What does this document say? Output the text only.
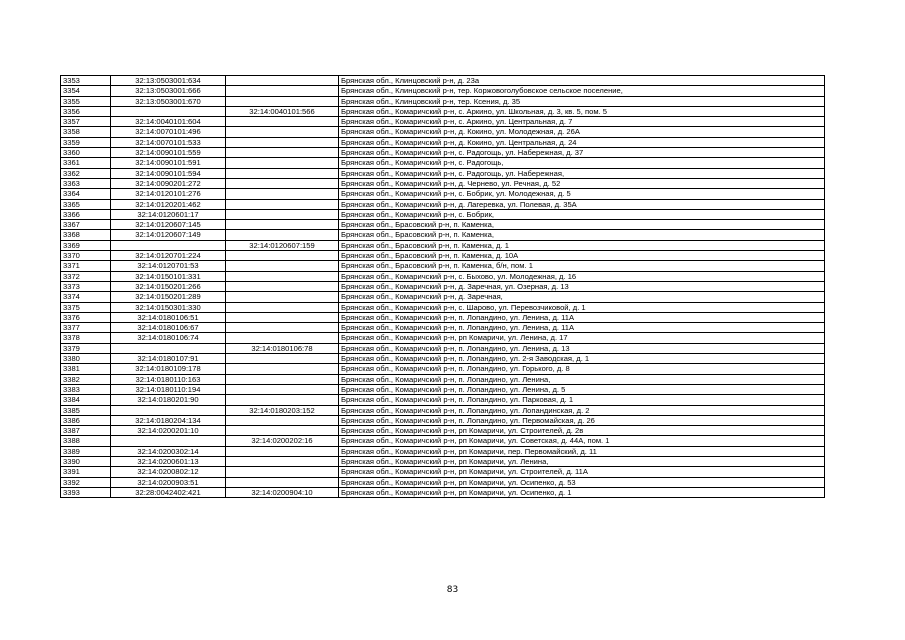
3353	32:13:0503001:634		Брянская обл., Клинцовский р-н, д. 23а
3354	32:13:0503001:666		Брянская обл., Клинцовский р-н, тер. Коржовоголубовское сельское поселение,
3355	32:13:0503001:670		Брянская обл., Клинцовский р-н, тер. Ксения, д. 35
3356		32:14:0040101:566	Брянская обл., Комаричский р-н, с. Аркино, ул. Школьная, д. 3, кв. 5, пом. 5
3357	32:14:0040101:604		Брянская обл., Комаричский р-н, с. Аркино, ул. Центральная, д. 7
3358	32:14:0070101:496		Брянская обл., Комаричский р-н, д. Кокино, ул. Молодежная, д. 26А
3359	32:14:0070101:533		Брянская обл., Комаричский р-н, д. Кокино, ул. Центральная, д. 24
3360	32:14:0090101:559		Брянская обл., Комаричский р-н, с. Радогощь, ул. Набережная, д. 37
3361	32:14:0090101:591		Брянская обл., Комаричский р-н, с. Радогощь,
3362	32:14:0090101:594		Брянская обл., Комаричский р-н, с. Радогощь, ул. Набережная,
3363	32:14:0090201:272		Брянская обл., Комаричский р-н, д. Чернево, ул. Речная, д. 52
3364	32:14:0120101:276		Брянская обл., Комаричский р-н, с. Бобрик, ул. Молодежная, д. 5
3365	32:14:0120201:462		Брянская обл., Комаричский р-н, д. Лагеревка, ул. Полевая, д. 35А
3366	32:14:0120601:17		Брянская обл., Комаричский р-н, с. Бобрик,
3367	32:14:0120607:145		Брянская обл., Брасовский р-н, п. Каменка,
3368	32:14:0120607:149		Брянская обл., Брасовский р-н, п. Каменка,
3369		32:14:0120607:159	Брянская обл., Брасовский р-н, п. Каменка, д. 1
3370	32:14:0120701:224		Брянская обл., Брасовский р-н, п. Каменка, д. 10А
3371	32:14:0120701:53		Брянская обл., Брасовский р-н, п. Каменка, б/н, пом. 1
3372	32:14:0150101:331		Брянская обл., Комаричский р-н, с. Быхово, ул. Молодежная, д. 16
3373	32:14:0150201:266		Брянская обл., Комаричский р-н, д. Заречная, ул. Озерная, д. 13
3374	32:14:0150201:289		Брянская обл., Комаричский р-н, д. Заречная,
3375	32:14:0150301:330		Брянская обл., Комаричский р-н, с. Шарово, ул. Перевозчиковой, д. 1
3376	32:14:0180106:51		Брянская обл., Комаричский р-н, п. Лопандино, ул. Ленина, д. 11А
3377	32:14:0180106:67		Брянская обл., Комаричский р-н, п. Лопандино, ул. Ленина, д. 11А
3378	32:14:0180106:74		Брянская обл., Комаричский р-н, рп Комаричи, ул. Ленина, д. 17
3379		32:14:0180106:78	Брянская обл., Комаричский р-н, п. Лопандино, ул. Ленина, д. 13
3380	32:14:0180107:91		Брянская обл., Комаричский р-н, п. Лопандино, ул. 2-я Заводская, д. 1
3381	32:14:0180109:178		Брянская обл., Комаричский р-н, п. Лопандино, ул. Горького, д. 8
3382	32:14:0180110:163		Брянская обл., Комаричский р-н, п. Лопандино, ул. Ленина,
3383	32:14:0180110:194		Брянская обл., Комаричский р-н, п. Лопандино, ул. Ленина, д. 5
3384	32:14:0180201:90		Брянская обл., Комаричский р-н, п. Лопандино, ул. Парковая, д. 1
3385		32:14:0180203:152	Брянская обл., Комаричский р-н, п. Лопандино, ул. Лопандинская, д. 2
3386	32:14:0180204:134		Брянская обл., Комаричский р-н, п. Лопандино, ул. Первомайская, д. 26
3387	32:14:0200201:10		Брянская обл., Комаричский р-н, рп Комаричи, ул. Строителей, д. 2в
3388		32:14:0200202:16	Брянская обл., Комаричский р-н, рп Комаричи, ул. Советская, д. 44А, пом. 1
3389	32:14:0200302:14		Брянская обл., Комаричский р-н, рп Комаричи, пер. Первомайский, д. 11
3390	32:14:0200601:13		Брянская обл., Комаричский р-н, рп Комаричи, ул. Ленина,
3391	32:14:0200802:12		Брянская обл., Комаричский р-н, рп Комаричи, ул. Строителей, д. 11А
3392	32:14:0200903:51		Брянская обл., Комаричский р-н, рп Комаричи, ул. Осипенко, д. 53
3393	32:28:0042402:421	32:14:0200904:10	Брянская обл., Комаричский р-н, рп Комаричи, ул. Осипенко, д. 1
83
